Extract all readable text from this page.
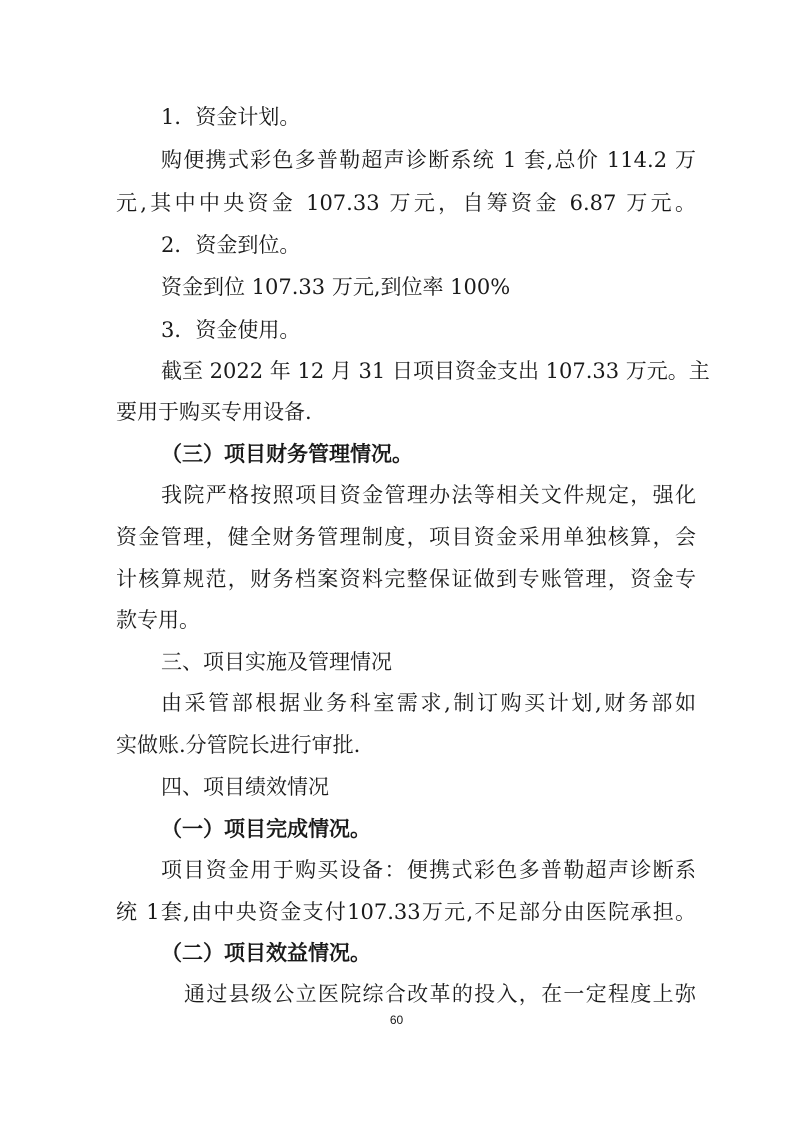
1．资金计划。

购便携式彩色多普勒超声诊断系统 1 套,总价 114.2 万

元,其中中央资金 107.33 万元，自筹资金 6.87 万元。

2．资金到位。

资金到位 107.33 万元,到位率 100%

3．资金使用。

截至 2022 年 12 月 31 日项目资金支出 107.33 万元。主

要用于购买专用设备.

（三）项目财务管理情况。

我院严格按照项目资金管理办法等相关文件规定，强化

资金管理，健全财务管理制度，项目资金采用单独核算，会

计核算规范，财务档案资料完整保证做到专账管理，资金专

款专用。

三、项目实施及管理情况

由采管部根据业务科室需求,制订购买计划,财务部如

实做账.分管院长进行审批.

四、项目绩效情况

（一）项目完成情况。

项目资金用于购买设备：便携式彩色多普勒超声诊断系

统 1套,由中央资金支付107.33万元,不足部分由医院承担。

（二）项目效益情况。

通过县级公立医院综合改革的投入，在一定程度上弥

60
